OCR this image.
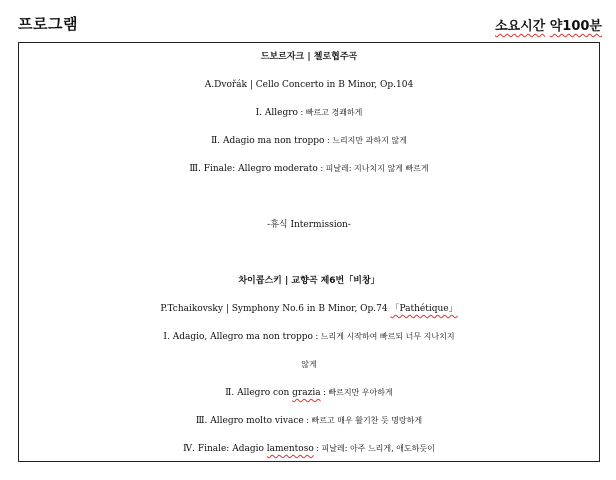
프로그램	소요시간 약100분
드보르자크 | 첼로협주곡
A.Dvořák | Cello Concerto in B Minor, Op.104
Ⅰ. Allegro : 빠르고 경쾌하게
Ⅱ. Adagio ma non troppo : 느리지만 과하지 않게
Ⅲ. Finale: Allegro moderato : 피날레: 지나치지 않게 빠르게
-휴식 Intermission-
차이콥스키 | 교향곡 제6번「비창」
P.Tchaikovsky | Symphony No.6 in B Minor, Op.74 「Pathétique」
Ⅰ. Adagio, Allegro ma non troppo : 느리게 시작하여 빠르되 너무 지나치지
않게
Ⅱ. Allegro con grazia : 빠르지만 우아하게
Ⅲ. Allegro molto vivace : 빠르고 매우 활기찬 듯 명랑하게
Ⅳ. Finale: Adagio lamentoso : 피날레: 아주 느리게, 애도하듯이
